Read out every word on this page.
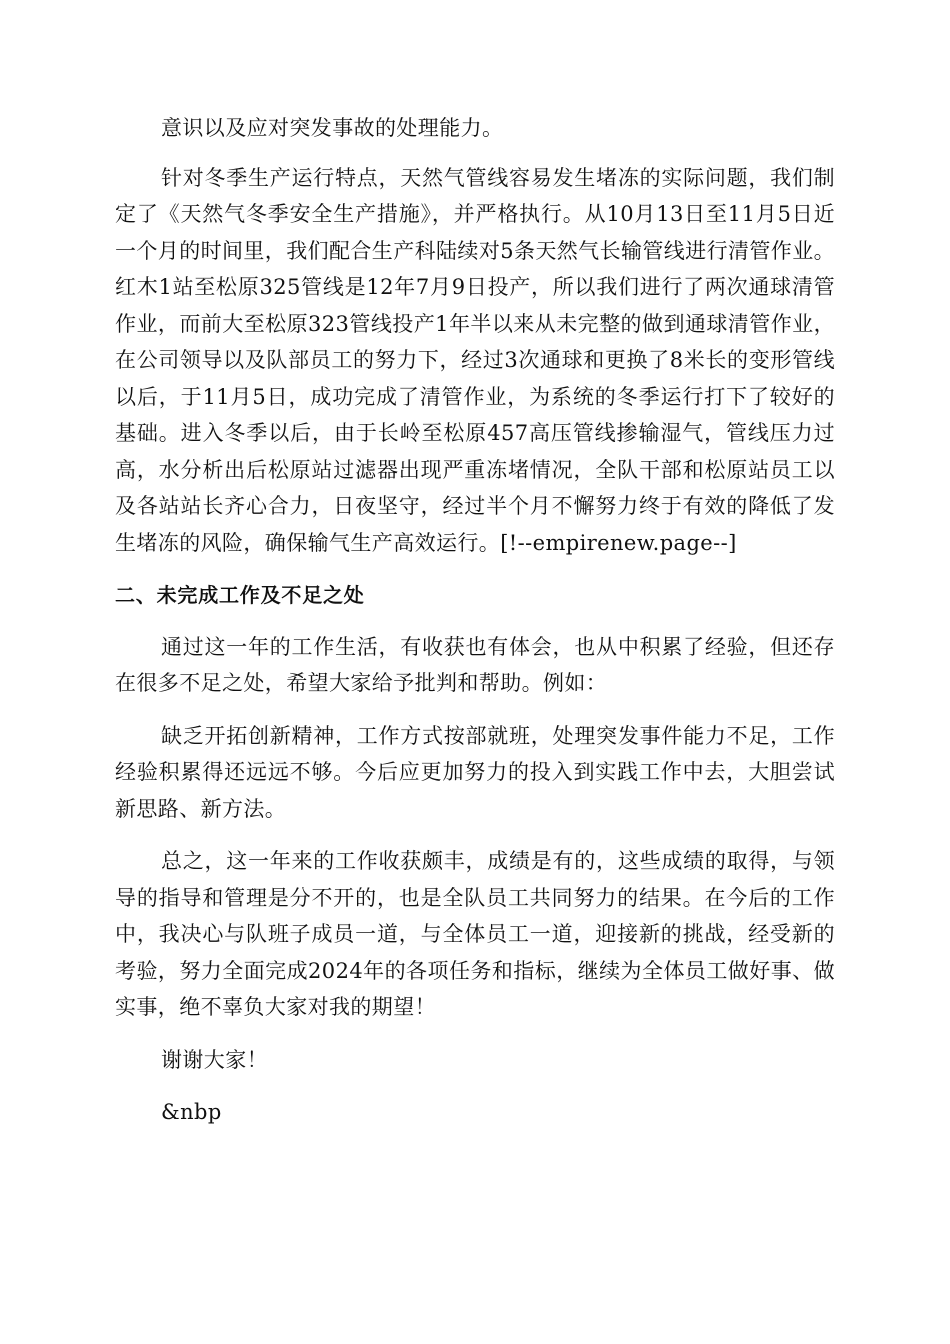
意识以及应对突发事故的处理能力。

针对冬季生产运行特点，天然气管线容易发生堵冻的实际问题，我们制定了《天然气冬季安全生产措施》，并严格执行。从10月13日至11月5日近一个月的时间里，我们配合生产科陆续对5条天然气长输管线进行清管作业。红木1站至松原325管线是12年7月9日投产，所以我们进行了两次通球清管作业，而前大至松原323管线投产1年半以来从未完整的做到通球清管作业，在公司领导以及队部员工的努力下，经过3次通球和更换了8米长的变形管线以后，于11月5日，成功完成了清管作业，为系统的冬季运行打下了较好的基础。进入冬季以后，由于长岭至松原457高压管线掺输湿气，管线压力过高，水分析出后松原站过滤器出现严重冻堵情况，全队干部和松原站员工以及各站站长齐心合力，日夜坚守，经过半个月不懈努力终于有效的降低了发生堵冻的风险，确保输气生产高效运行。[!--empirenew.page--]

二、未完成工作及不足之处

通过这一年的工作生活，有收获也有体会，也从中积累了经验，但还存在很多不足之处，希望大家给予批判和帮助。例如：

缺乏开拓创新精神，工作方式按部就班，处理突发事件能力不足，工作经验积累得还远远不够。今后应更加努力的投入到实践工作中去，大胆尝试新思路、新方法。

总之，这一年来的工作收获颇丰，成绩是有的，这些成绩的取得，与领导的指导和管理是分不开的，也是全队员工共同努力的结果。在今后的工作中，我决心与队班子成员一道，与全体员工一道，迎接新的挑战，经受新的考验，努力全面完成2024年的各项任务和指标，继续为全体员工做好事、做实事，绝不辜负大家对我的期望！

谢谢大家！

&nbp
